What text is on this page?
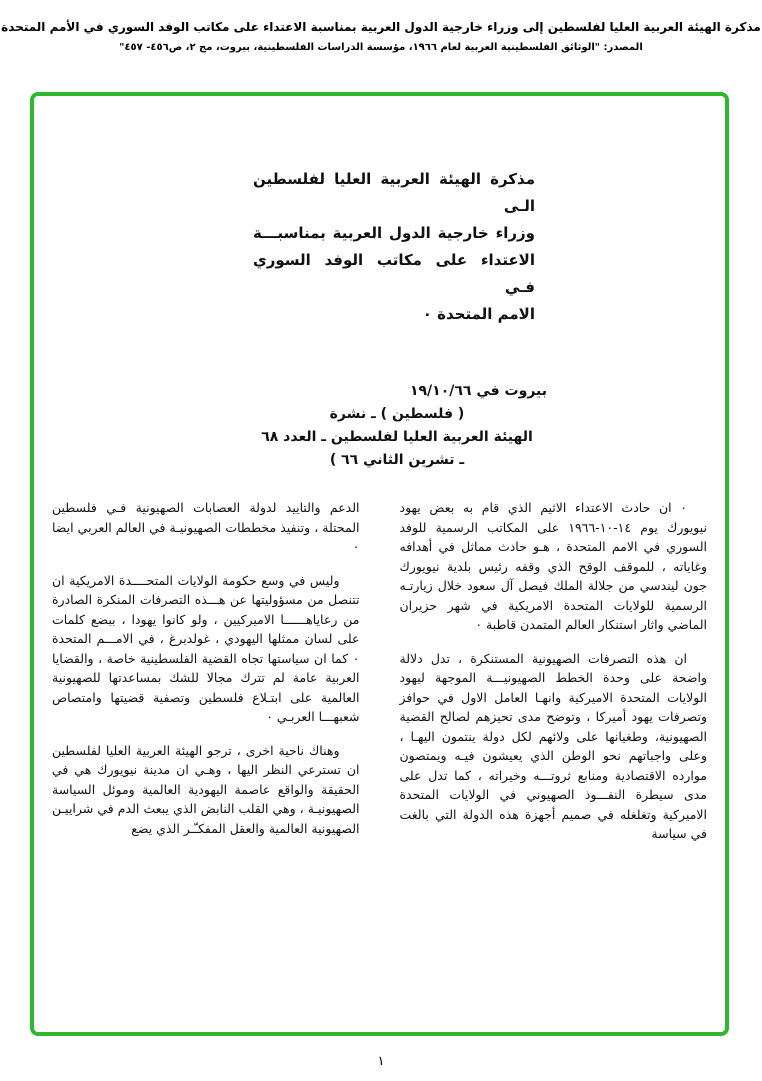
مذكرة الهيئة العربية العليا لفلسطين إلى وزراء خارجية الدول العربية بمناسبة الاعتداء على مكاتب الوفد السوري في الأمم المتحدة
المصدر: "الوثائق الفلسطينية العربية لعام ١٩٦٦، مؤسسة الدراسات الفلسطينية، بيروت، مج ٢، ص٤٥٦- ٤٥٧"
مذكرة الهيئة العربية العليا لفلسطين الـى
وزراء خارجية الدول العربية بمناسبـــة
الاعتداء على مكاتب الوفد السوري فـي
الامم المتحدة ٠
بيروت في ١٩/١٠/٦٦
( فلسطين ) ـ نشرة
الهيئة العربية العليا لفلسطين ـ العدد ٦٨
ـ تشرين الثاني ٦٦ )

٠ ان حادث الاعتداء الاثيم الذي قام به بعض يهود نيويورك يوم ١٤-١٠-١٩٦٦ على المكاتب الرسمية للوفد السوري في الامم المتحدة ، هـو حادث مماثل في أهدافه وغاياته ، للموقف الوقح الذي وقفه رئيس بلدية نيويورك جون ليندسي من جلالة الملك فيصل آل سعود خلال زيارتـه الرسمية للولايات المتحدة الامريكية في شهر حزيران الماضي واثار استنكار العالم المتمدن قاطبة ٠

ان هذه التصرفات الصهيونية المستنكرة ، تدل دلالة واضحة على وحدة الخطط الصهيونيـــة الموجهة ليهود الولايات المتحدة الاميركية وانهـا العامل الاول في حوافز وتصرفات يهود أميركا ، وتوضح مدى تحيزهم لصالح القضية الصهيونية، وطغيانها على ولائهم لكل دولة ينتمون اليهـا ، وعلى واجباتهم نحو الوطن الذي يعيشون فيـه ويمتصون موارده الاقتصادية ومنابع ثروتـــه وخيراته ، كما تدل على مدى سيطرة النفـــوذ الصهيوني في الولايات المتحدة الاميركية وتغلغله في صميم أجهزة هذه الدولة التي بالغت في سياسة

الدعم والتاييد لدولة العصابات الصهيونية فـي فلسطين المحتلة ، وتنفيذ مخططات الصهيونيـة في العالم العربي ايضا ٠

وليس في وسع حكومة الولايات المتحــــدة الامريكية ان تتنصل من مسؤوليتها عن هـــذه التصرفات المنكرة الصادرة من رعاياهــــــا الاميركيين ، ولو كانوا يهودا ، ببضع كلمات على لسان ممثلها اليهودي ، غولدبرغ ، في الامـــم المتحدة ٠ كما ان سياستها تجاه القضية الفلسطينية خاصة ، والقضايا العربية عامة لم تترك مجالا للشك بمساعدتها للصهيونية العالمية على ابتـلاع فلسطين وتصفية قضيتها وامتصاص شعبهـــا العربـي ٠

وهناك ناحية اخرى ، ترجو الهيئة العربية العليا لفلسطين ان تسترعي النظر اليها ، وهـي ان مدينة نيويورك هي في الحقيقة والواقع عاصمة اليهودية العالمية وموئل السياسة الصهيونيـة ، وهي القلب النابض الذي يبعث الدم في شراييـن الصهيونية العالمية والعقل المفكـّـر الذي يضع

١
